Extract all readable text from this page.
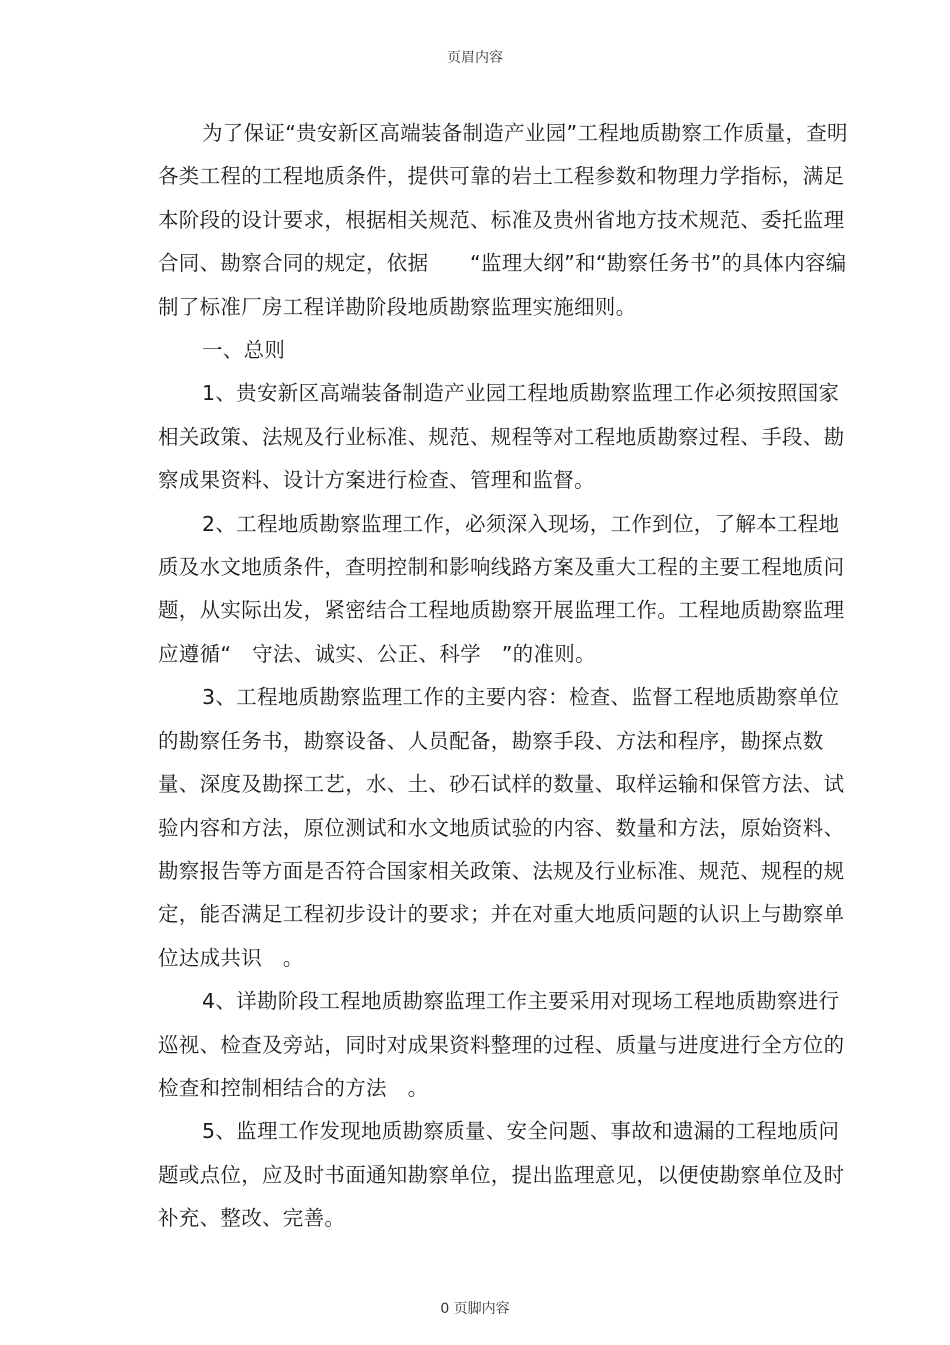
页眉内容

为了保证“贵安新区高端装备制造产业园”工程地质勘察工作质量，查明各类工程的工程地质条件，提供可靠的岩土工程参数和物理力学指标，满足本阶段的设计要求，根据相关规范、标准及贵州省地方技术规范、委托监理合同、勘察合同的规定，依据　　“监理大纲”和“勘察任务书”的具体内容编制了标准厂房工程详勘阶段地质勘察监理实施细则。

一、总则

1、贵安新区高端装备制造产业园工程地质勘察监理工作必须按照国家相关政策、法规及行业标准、规范、规程等对工程地质勘察过程、手段、勘察成果资料、设计方案进行检查、管理和监督。

2、工程地质勘察监理工作，必须深入现场，工作到位，了解本工程地质及水文地质条件，查明控制和影响线路方案及重大工程的主要工程地质问题，从实际出发，紧密结合工程地质勘察开展监理工作。工程地质勘察监理应遵循“　守法、诚实、公正、科学　”的准则。

3、工程地质勘察监理工作的主要内容：检查、监督工程地质勘察单位的勘察任务书，勘察设备、人员配备，勘察手段、方法和程序，勘探点数量、深度及勘探工艺，水、土、砂石试样的数量、取样运输和保管方法、试验内容和方法，原位测试和水文地质试验的内容、数量和方法，原始资料、勘察报告等方面是否符合国家相关政策、法规及行业标准、规范、规程的规定，能否满足工程初步设计的要求；并在对重大地质问题的认识上与勘察单位达成共识　。

4、详勘阶段工程地质勘察监理工作主要采用对现场工程地质勘察进行巡视、检查及旁站，同时对成果资料整理的过程、质量与进度进行全方位的检查和控制相结合的方法　。

5、监理工作发现地质勘察质量、安全问题、事故和遗漏的工程地质问题或点位，应及时书面通知勘察单位，提出监理意见，以便使勘察单位及时补充、整改、完善。

0 页脚内容
